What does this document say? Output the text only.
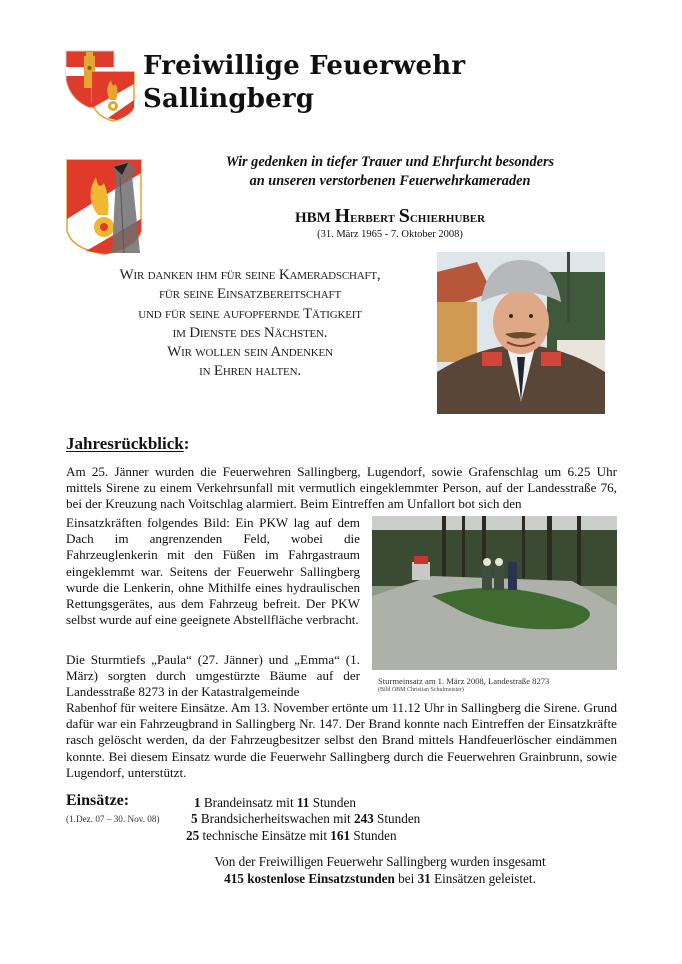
Freiwillige Feuerwehr
Sallingberg
Wir gedenken in tiefer Trauer und Ehrfurcht besonders
an unseren verstorbenen Feuerwehrkameraden
HBM Herbert Schierhuber
(31. März 1965 - 7. Oktober 2008)
Wir danken ihm für seine Kameradschaft,
für seine Einsatzbereitschaft
und für seine aufopfernde Tätigkeit
im Dienste des Nächsten.
Wir wollen sein Andenken
in Ehren halten.
Jahresrückblick:

Am 25. Jänner wurden die Feuerwehren Sallingberg, Lugendorf, sowie Grafenschlag um 6.25 Uhr mittels Sirene zu einem Verkehrsunfall mit vermutlich eingeklemmter Person, auf der Landesstraße 76, bei der Kreuzung nach Voitschlag alarmiert. Beim Eintreffen am Unfallort bot sich den

Einsatzkräften folgendes Bild: Ein PKW lag auf dem Dach im angrenzenden Feld, wobei die Fahrzeuglenkerin mit den Füßen im Fahrgastraum eingeklemmt war. Seitens der Feuerwehr Sallingberg wurde die Lenkerin, ohne Mithilfe eines hydraulischen Rettungsgerätes, aus dem Fahrzeug befreit. Der PKW selbst wurde auf eine geeignete Abstellfläche verbracht.

Die Sturmtiefs „Paula“ (27. Jänner) und „Emma“ (1. März) sorgten durch umgestürzte Bäume auf der Landesstraße 8273 in der Katastralgemeinde

Rabenhof für weitere Einsätze. Am 13. November ertönte um 11.12 Uhr in Sallingberg die Sirene. Grund dafür war ein Fahrzeugbrand in Sallingberg Nr. 147. Der Brand konnte nach Eintreffen der Einsatzkräfte rasch gelöscht werden, da der Fahrzeugbesitzer selbst den Brand mittels Handfeuerlöscher eindämmen konnte. Bei diesem Einsatz wurde die Feuerwehr Sallingberg durch die Feuerwehren Grainbrunn, sowie Lugendorf, unterstützt.

Sturmeinsatz am 1. März 2008, Landestraße 8273
(Bild OBM Christian Schulmeister)
Einsätze:
(1.Dez. 07 – 30. Nov. 08)
1 Brandeinsatz mit 11 Stunden
5 Brandsicherheitswachen mit 243 Stunden
25 technische Einsätze mit 161 Stunden
Von der Freiwilligen Feuerwehr Sallingberg wurden insgesamt
415 kostenlose Einsatzstunden bei 31 Einsätzen geleistet.
